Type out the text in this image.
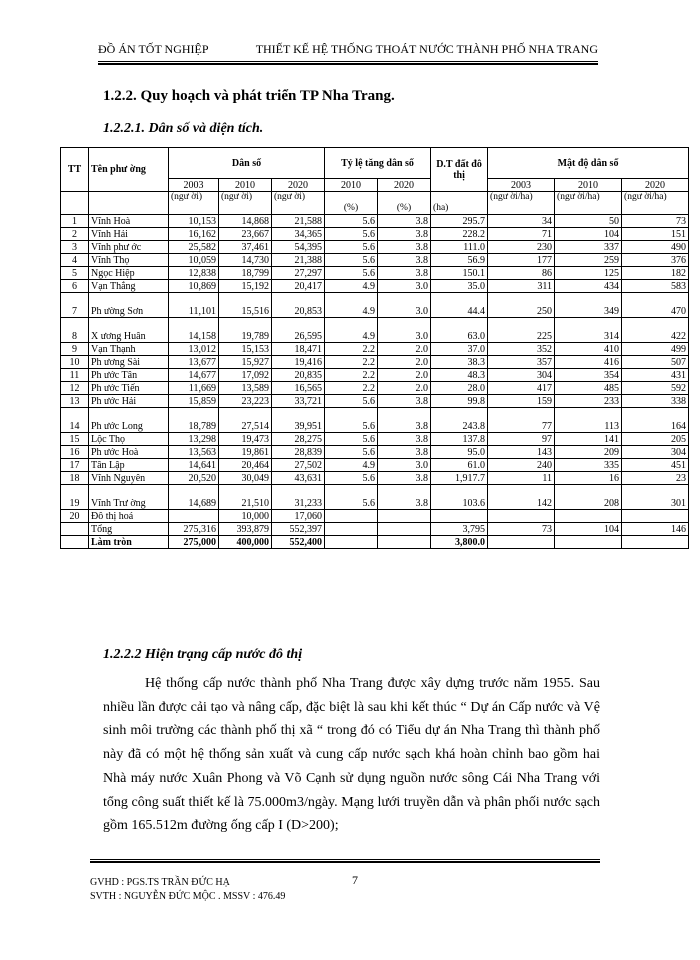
ĐỒ ÁN TỐT NGHIỆP	THIẾT KẾ HỆ THỐNG THOÁT NƯỚC THÀNH PHỐ NHA TRANG
1.2.2. Quy hoạch và phát triển TP Nha Trang.
1.2.2.1. Dân số và diện tích.
TT	Tên phư ờng	Dân số			Tỷ lệ tăng dân số		D.T đất đô thị	Mật độ dân số		
		2003	2010	2020	2010	2020		2003	2010	2020
		(ngư ời)	(ngư ời)	(ngư ời)	(%)	(%)	(ha)	(ngư ời/ha)	(ngư ời/ha)	(ngư ời/ha)
1	Vĩnh Hoà	10,153	14,868	21,588	5.6	3.8	295.7	34	50	73
2	Vĩnh Hải	16,162	23,667	34,365	5.6	3.8	228.2	71	104	151
3	Vĩnh phư ớc	25,582	37,461	54,395	5.6	3.8	111.0	230	337	490
4	Vĩnh Thọ	10,059	14,730	21,388	5.6	3.8	56.9	177	259	376
5	Ngọc Hiệp	12,838	18,799	27,297	5.6	3.8	150.1	86	125	182
6	Vạn Thắng	10,869	15,192	20,417	4.9	3.0	35.0	311	434	583
7	Ph ường Sơn	11,101	15,516	20,853	4.9	3.0	44.4	250	349	470
8	X ương Huân	14,158	19,789	26,595	4.9	3.0	63.0	225	314	422
9	Vạn Thạnh	13,012	15,153	18,471	2.2	2.0	37.0	352	410	499
10	Ph ương Sài	13,677	15,927	19,416	2.2	2.0	38.3	357	416	507
11	Ph ước Tân	14,677	17,092	20,835	2.2	2.0	48.3	304	354	431
12	Ph ước Tiến	11,669	13,589	16,565	2.2	2.0	28.0	417	485	592
13	Ph ước Hải	15,859	23,223	33,721	5.6	3.8	99.8	159	233	338
14	Ph ước Long	18,789	27,514	39,951	5.6	3.8	243.8	77	113	164
15	Lộc Thọ	13,298	19,473	28,275	5.6	3.8	137.8	97	141	205
16	Ph ước Hoà	13,563	19,861	28,839	5.6	3.8	95.0	143	209	304
17	Tân Lập	14,641	20,464	27,502	4.9	3.0	61.0	240	335	451
18	Vĩnh Nguyên	20,520	30,049	43,631	5.6	3.8	1,917.7	11	16	23
19	Vĩnh Trư ờng	14,689	21,510	31,233	5.6	3.8	103.6	142	208	301
20	Đô thị hoá		10,000	17,060						
	Tổng	275,316	393,879	552,397			3,795	73	104	146
	Làm tròn	275,000	400,000	552,400			3,800.0			
1.2.2.2 Hiện trạng cấp nước đô thị

Hệ thống cấp nước thành phố Nha Trang được xây dựng trước năm 1955. Sau nhiều lần được cải tạo và nâng cấp, đặc biệt là sau khi kết thúc “ Dự án Cấp nước và Vệ sinh môi trường các thành phố thị xã “ trong đó có Tiểu dự án Nha Trang thì thành phố này đã có một hệ thống sản xuất và cung cấp nước sạch khá hoàn chỉnh bao gồm hai Nhà máy nước Xuân Phong và Võ Cạnh sử dụng nguồn nước sông Cái Nha Trang với tổng công suất thiết kế là 75.000m3/ngày. Mạng lưới truyền dẫn và phân phối nước sạch gồm 165.512m đường ống cấp I (D>200);

GVHD : PGS.TS TRẦN ĐỨC HẠ
SVTH : NGUYỄN ĐỨC MỘC . MSSV : 476.49
7
